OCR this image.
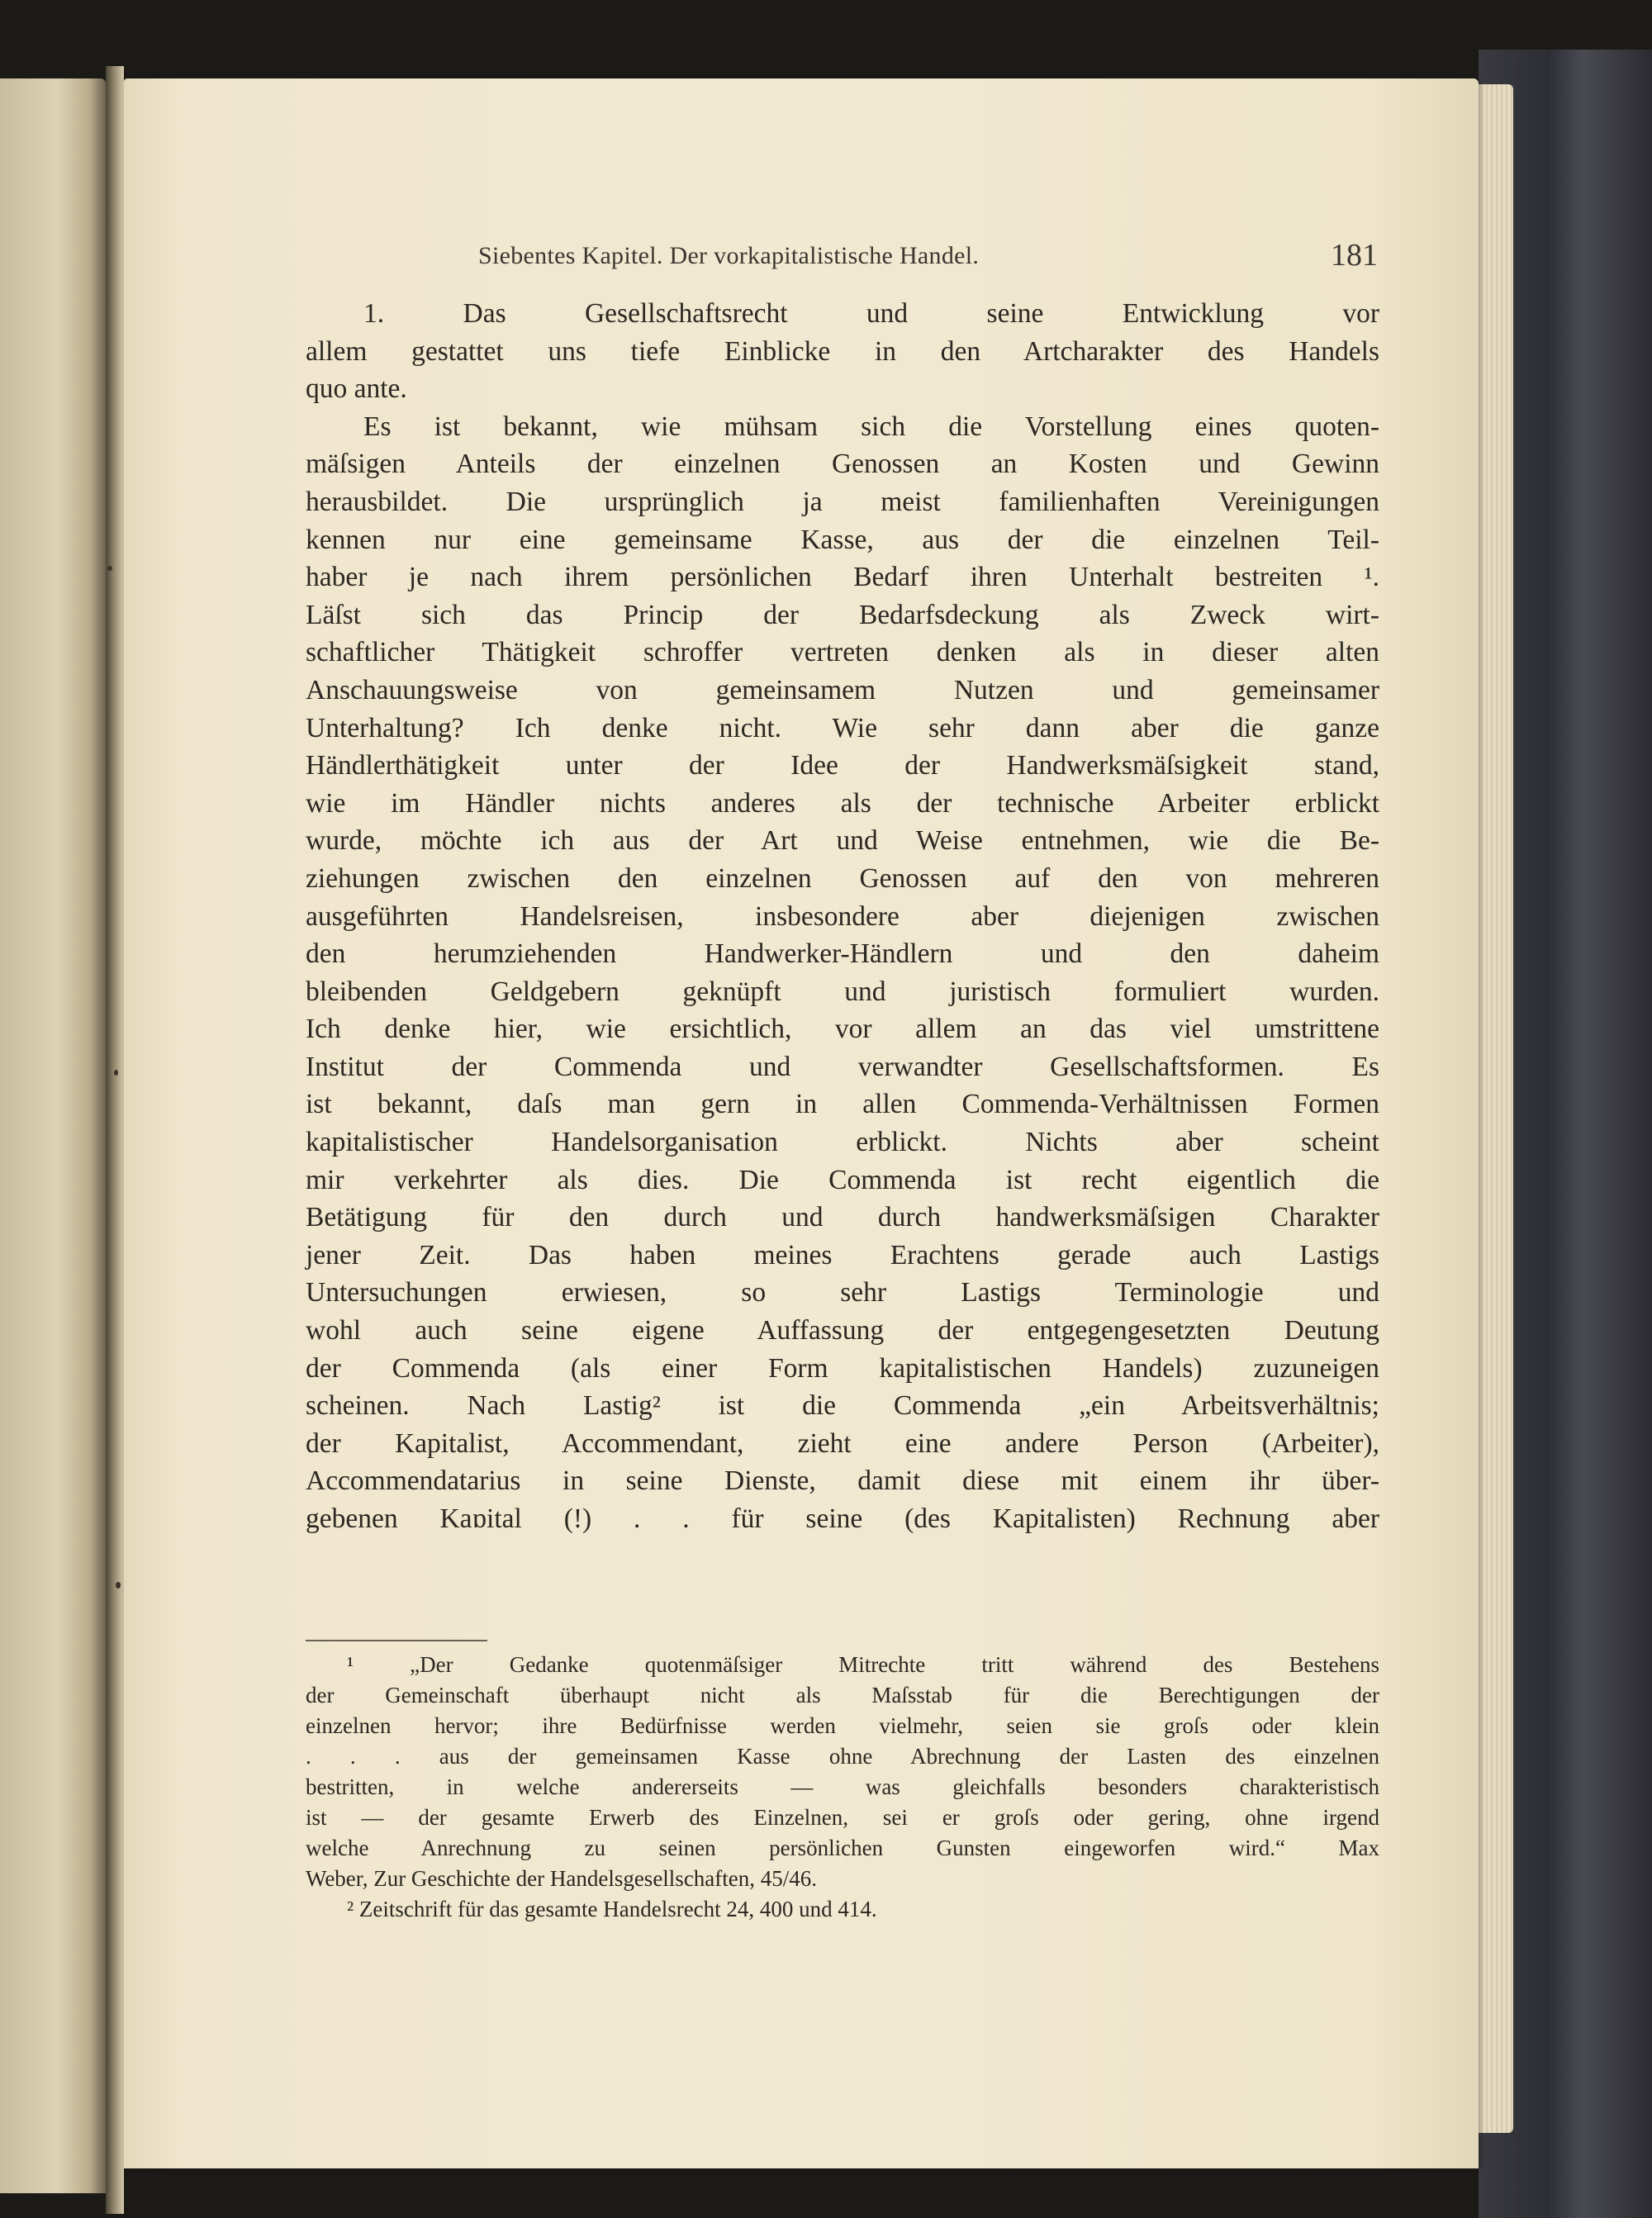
Siebentes Kapitel. Der vorkapitalistische Handel.	181
1. Das Gesellschaftsrecht und seine Entwicklung vor
allem gestattet uns tiefe Einblicke in den Artcharakter des Handels
quo ante.
Es ist bekannt, wie mühsam sich die Vorstellung eines quoten-
mäſsigen Anteils der einzelnen Genossen an Kosten und Gewinn
herausbildet. Die ursprünglich ja meist familienhaften Vereinigungen
kennen nur eine gemeinsame Kasse, aus der die einzelnen Teil-
haber je nach ihrem persönlichen Bedarf ihren Unterhalt bestreiten ¹.
Läſst sich das Princip der Bedarfsdeckung als Zweck wirt-
schaftlicher Thätigkeit schroffer vertreten denken als in dieser alten
Anschauungsweise von gemeinsamem Nutzen und gemeinsamer
Unterhaltung? Ich denke nicht. Wie sehr dann aber die ganze
Händlerthätigkeit unter der Idee der Handwerksmäſsigkeit stand,
wie im Händler nichts anderes als der technische Arbeiter erblickt
wurde, möchte ich aus der Art und Weise entnehmen, wie die Be-
ziehungen zwischen den einzelnen Genossen auf den von mehreren
ausgeführten Handelsreisen, insbesondere aber diejenigen zwischen
den herumziehenden Handwerker-Händlern und den daheim
bleibenden Geldgebern geknüpft und juristisch formuliert wurden.
Ich denke hier, wie ersichtlich, vor allem an das viel umstrittene
Institut der Commenda und verwandter Gesellschaftsformen. Es
ist bekannt, daſs man gern in allen Commenda-Verhältnissen Formen
kapitalistischer Handelsorganisation erblickt. Nichts aber scheint
mir verkehrter als dies. Die Commenda ist recht eigentlich die
Betätigung für den durch und durch handwerksmäſsigen Charakter
jener Zeit. Das haben meines Erachtens gerade auch Lastigs
Untersuchungen erwiesen, so sehr Lastigs Terminologie und
wohl auch seine eigene Auffassung der entgegengesetzten Deutung
der Commenda (als einer Form kapitalistischen Handels) zuzuneigen
scheinen. Nach Lastig² ist die Commenda „ein Arbeitsverhältnis;
der Kapitalist, Accommendant, zieht eine andere Person (Arbeiter),
Accommendatarius in seine Dienste, damit diese mit einem ihr über-
gebenen Kaɒital (!) . . für seine (des Kapitalisten) Rechnung aber
¹ „Der Gedanke quotenmäſsiger Mitrechte tritt während des Bestehens
der Gemeinschaft überhaupt nicht als Maſsstab für die Berechtigungen der
einzelnen hervor; ihre Bedürfnisse werden vielmehr, seien sie groſs oder klein
. . . aus der gemeinsamen Kasse ohne Abrechnung der Lasten des einzelnen
bestritten, in welche andererseits — was gleichfalls besonders charakteristisch
ist — der gesamte Erwerb des Einzelnen, sei er groſs oder gering, ohne irgend
welche Anrechnung zu seinen persönlichen Gunsten eingeworfen wird.“ Max
Weber, Zur Geschichte der Handelsgesellschaften, 45/46.
² Zeitschrift für das gesamte Handelsrecht 24, 400 und 414.
